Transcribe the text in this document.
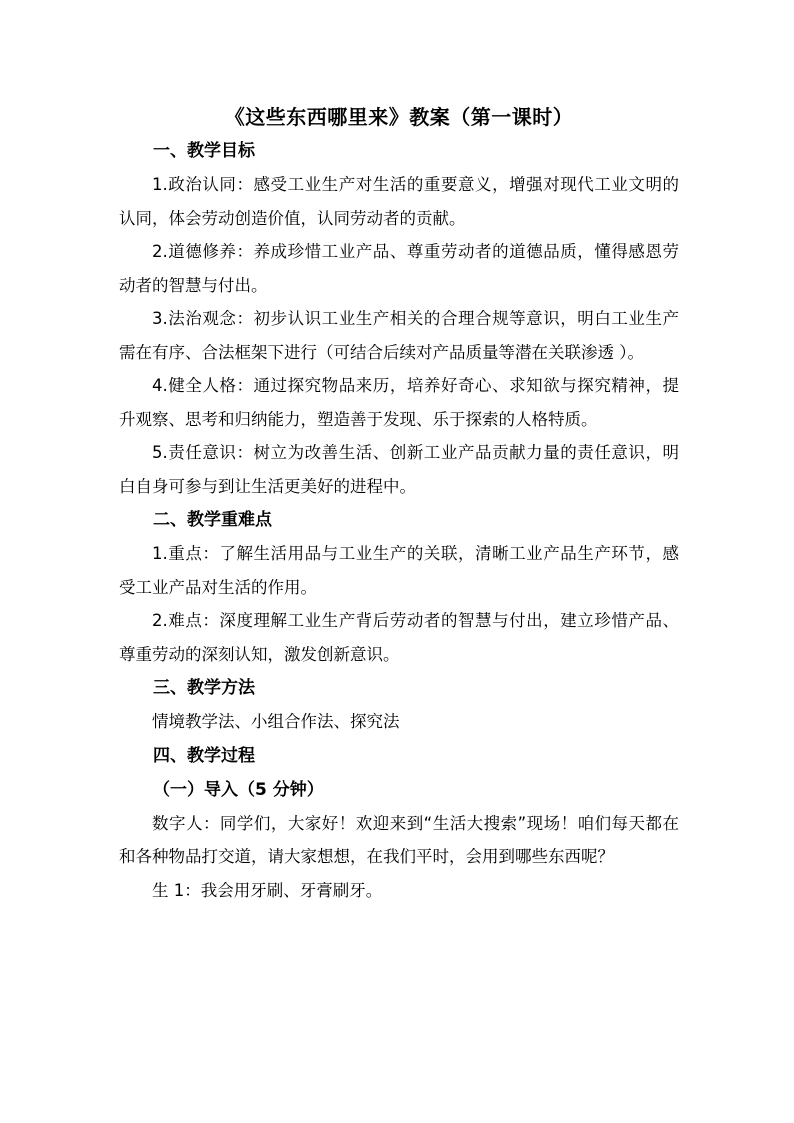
《这些东西哪里来》教案（第一课时）

一、教学目标

1.政治认同：感受工业生产对生活的重要意义，增强对现代工业文明的认同，体会劳动创造价值，认同劳动者的贡献。

2.道德修养：养成珍惜工业产品、尊重劳动者的道德品质，懂得感恩劳动者的智慧与付出。

3.法治观念：初步认识工业生产相关的合理合规等意识，明白工业生产需在有序、合法框架下进行（可结合后续对产品质量等潜在关联渗透 ）。

4.健全人格：通过探究物品来历，培养好奇心、求知欲与探究精神，提升观察、思考和归纳能力，塑造善于发现、乐于探索的人格特质。

5.责任意识：树立为改善生活、创新工业产品贡献力量的责任意识，明白自身可参与到让生活更美好的进程中。

二、教学重难点

1.重点：了解生活用品与工业生产的关联，清晰工业产品生产环节，感受工业产品对生活的作用。

2.难点：深度理解工业生产背后劳动者的智慧与付出，建立珍惜产品、尊重劳动的深刻认知，激发创新意识。

三、教学方法

情境教学法、小组合作法、探究法

四、教学过程

（一）导入（5 分钟）

数字人：同学们，大家好！欢迎来到“生活大搜索”现场！咱们每天都在和各种物品打交道，请大家想想，在我们平时，会用到哪些东西呢？

生 1：我会用牙刷、牙膏刷牙。
